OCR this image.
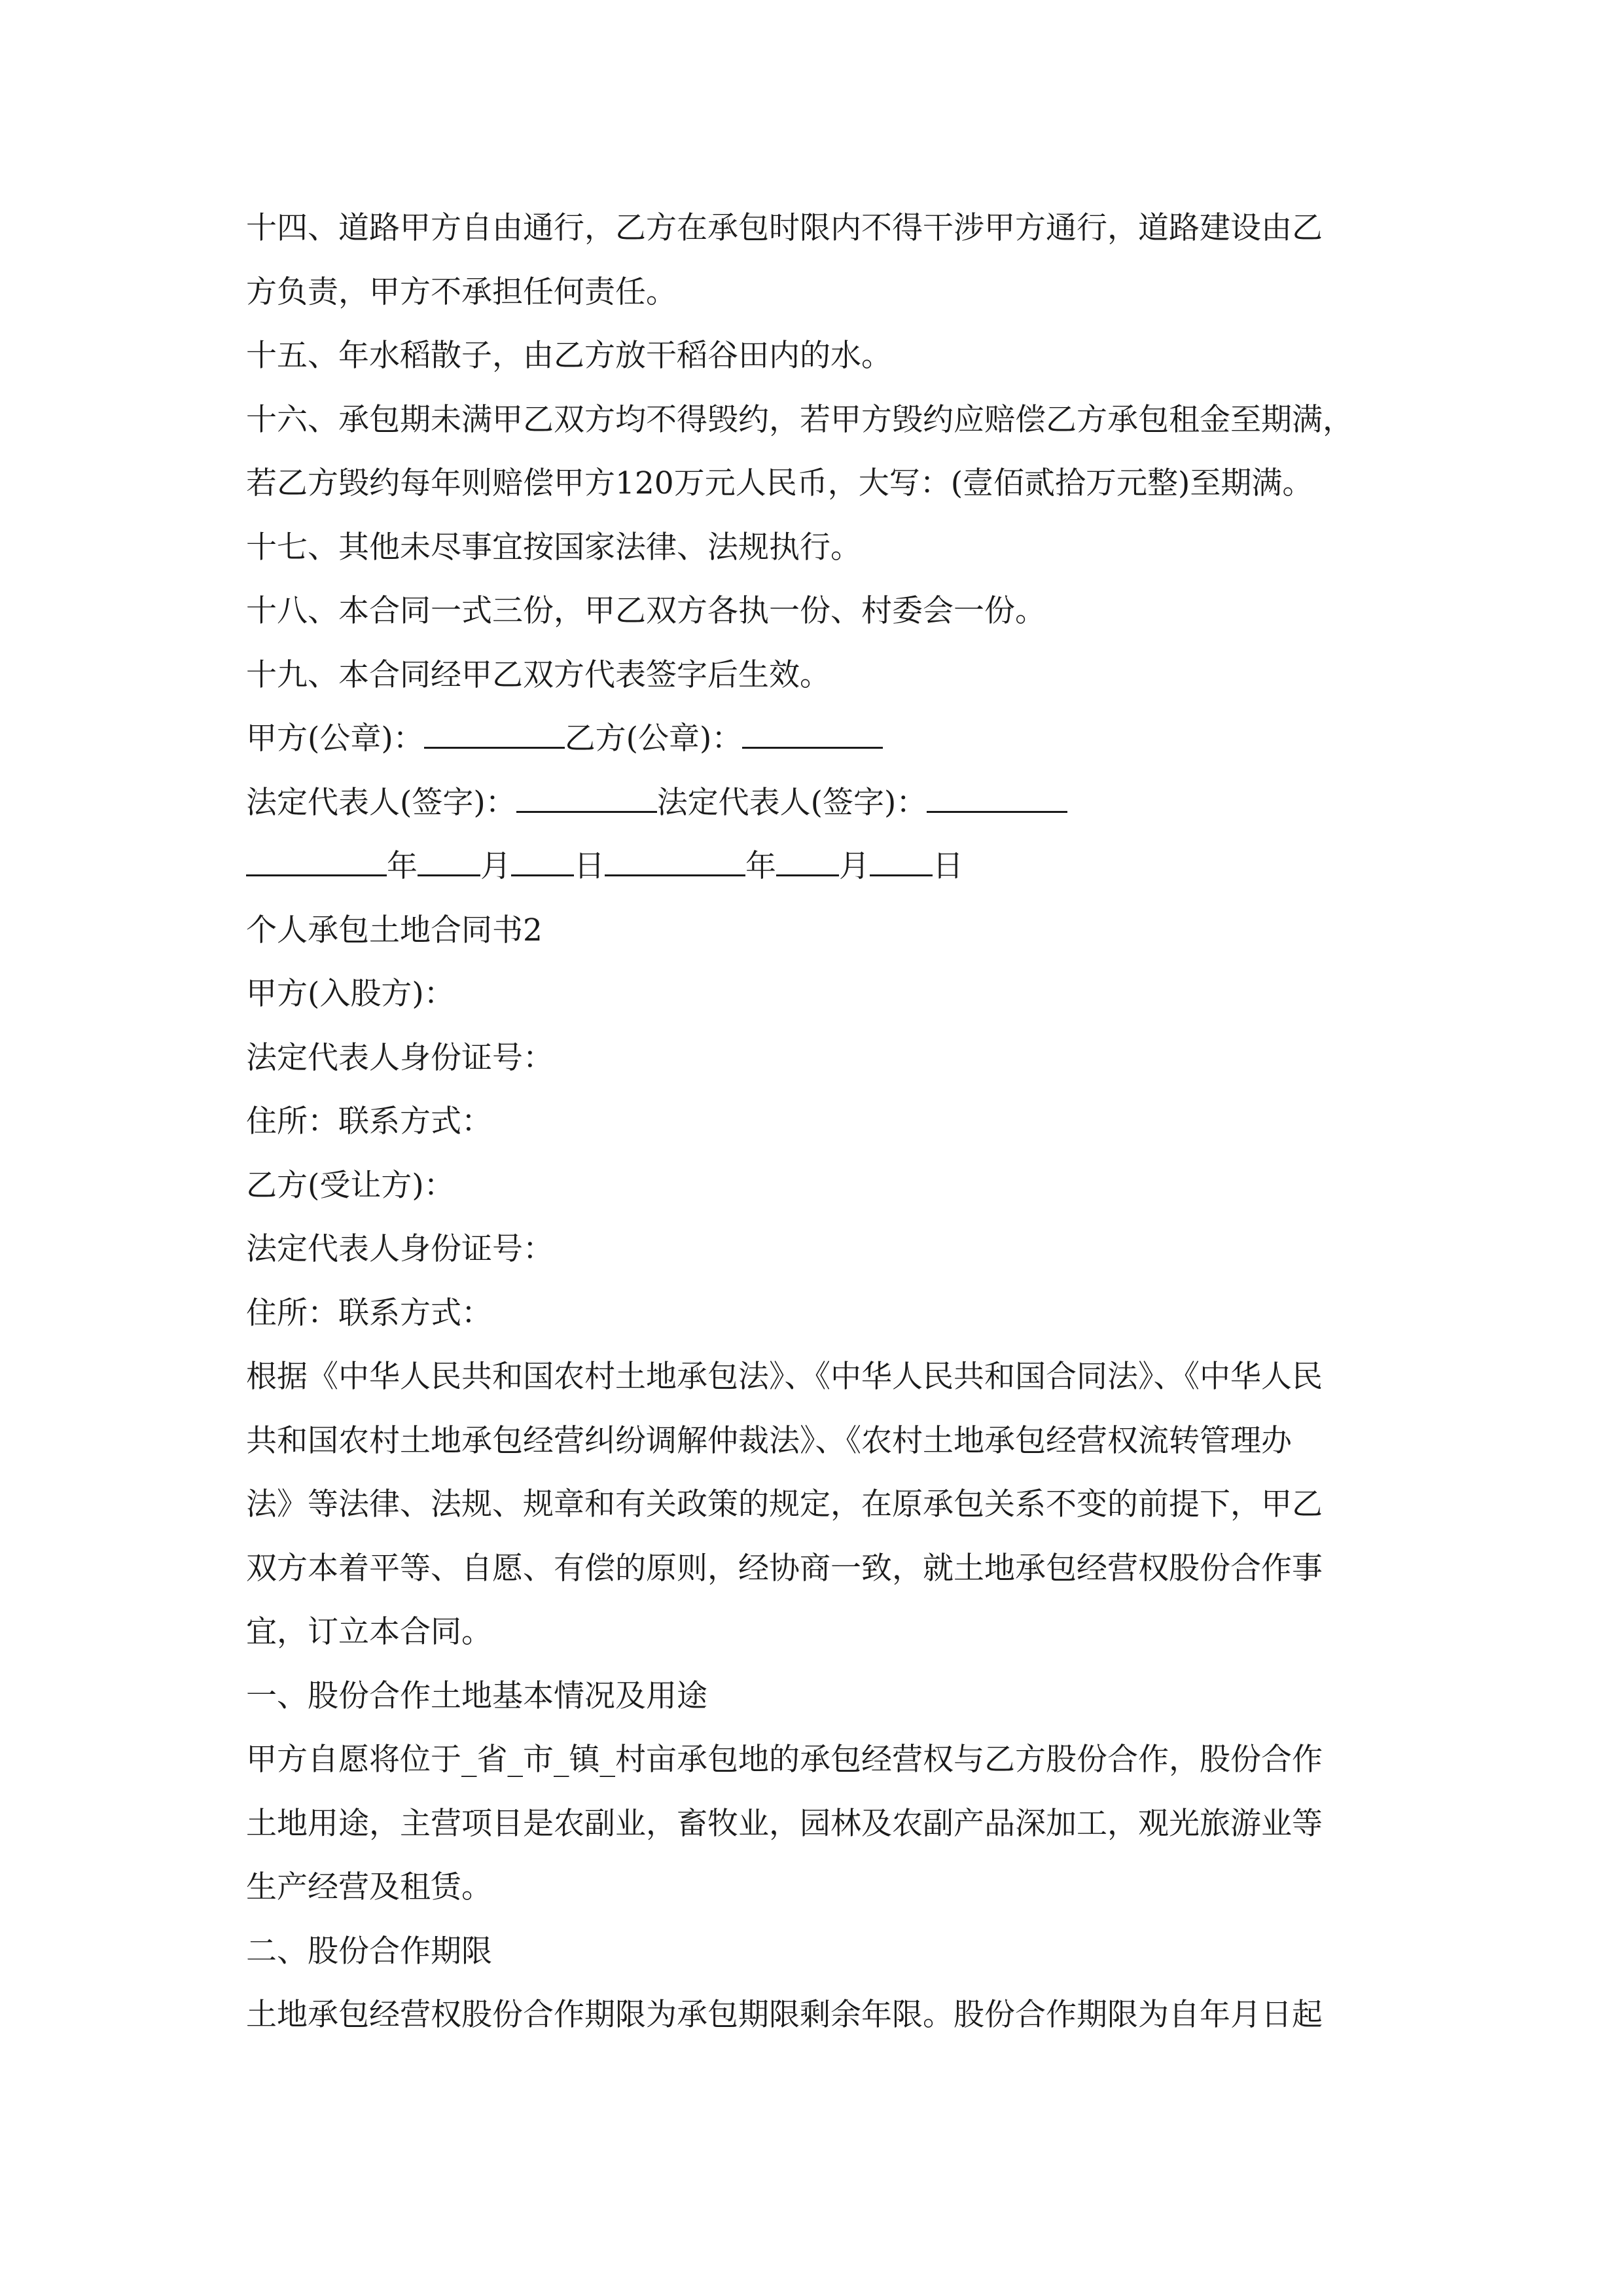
十四、道路甲方自由通行，乙方在承包时限内不得干涉甲方通行，道路建设由乙
方负责，甲方不承担任何责任。
十五、年水稻散子，由乙方放干稻谷田内的水。
十六、承包期未满甲乙双方均不得毁约，若甲方毁约应赔偿乙方承包租金至期满，
若乙方毁约每年则赔偿甲方120万元人民币，大写：(壹佰贰拾万元整)至期满。
十七、其他未尽事宜按国家法律、法规执行。
十八、本合同一式三份，甲乙双方各执一份、村委会一份。
十九、本合同经甲乙双方代表签字后生效。
甲方(公章)：	乙方(公章)：
法定代表人(签字)：	法定代表人(签字)：
年 月 日	年 月 日
个人承包土地合同书2
甲方(入股方)：
法定代表人身份证号：
住所：联系方式：
乙方(受让方)：
法定代表人身份证号：
住所：联系方式：
根据《中华人民共和国农村土地承包法》、《中华人民共和国合同法》、《中华人民
共和国农村土地承包经营纠纷调解仲裁法》、《农村土地承包经营权流转管理办
法》等法律、法规、规章和有关政策的规定，在原承包关系不变的前提下，甲乙
双方本着平等、自愿、有偿的原则，经协商一致，就土地承包经营权股份合作事
宜，订立本合同。
一、股份合作土地基本情况及用途
甲方自愿将位于_省_市_镇_村亩承包地的承包经营权与乙方股份合作，股份合作
土地用途，主营项目是农副业，畜牧业，园林及农副产品深加工，观光旅游业等
生产经营及租赁。
二、股份合作期限
土地承包经营权股份合作期限为承包期限剩余年限。股份合作期限为自年月日起
